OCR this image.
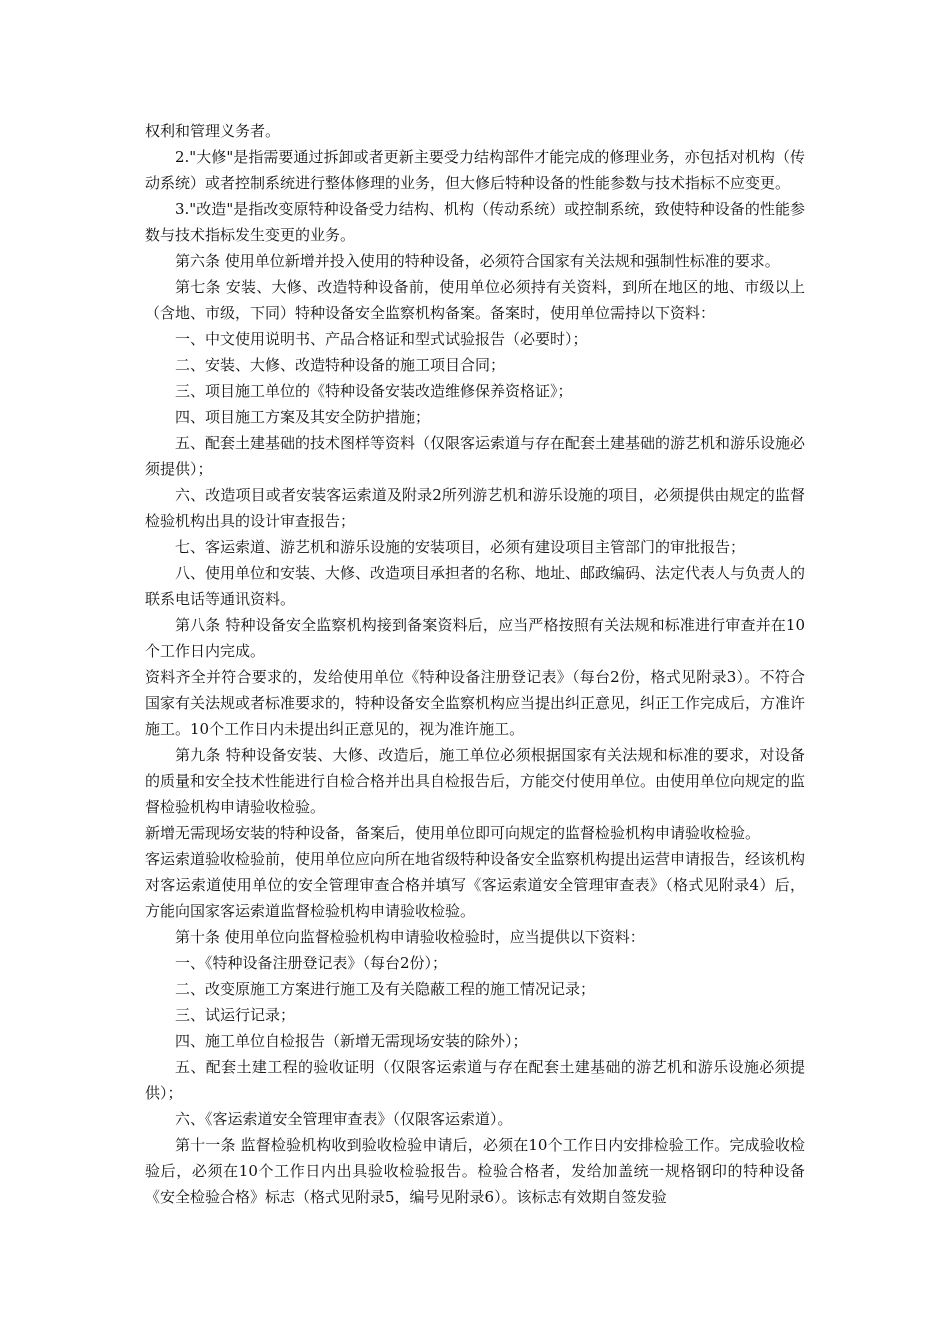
权利和管理义务者。

2."大修"是指需要通过拆卸或者更新主要受力结构部件才能完成的修理业务，亦包括对机构（传动系统）或者控制系统进行整体修理的业务，但大修后特种设备的性能参数与技术指标不应变更。

3."改造"是指改变原特种设备受力结构、机构（传动系统）或控制系统，致使特种设备的性能参数与技术指标发生变更的业务。

第六条 使用单位新增并投入使用的特种设备，必须符合国家有关法规和强制性标准的要求。

第七条 安装、大修、改造特种设备前，使用单位必须持有关资料，到所在地区的地、市级以上（含地、市级，下同）特种设备安全监察机构备案。备案时，使用单位需持以下资料：

一、中文使用说明书、产品合格证和型式试验报告（必要时）；

二、安装、大修、改造特种设备的施工项目合同；

三、项目施工单位的《特种设备安装改造维修保养资格证》；

四、项目施工方案及其安全防护措施；

五、配套土建基础的技术图样等资料（仅限客运索道与存在配套土建基础的游艺机和游乐设施必须提供）；

六、改造项目或者安装客运索道及附录2所列游艺机和游乐设施的项目，必须提供由规定的监督检验机构出具的设计审查报告；

七、客运索道、游艺机和游乐设施的安装项目，必须有建设项目主管部门的审批报告；

八、使用单位和安装、大修、改造项目承担者的名称、地址、邮政编码、法定代表人与负责人的联系电话等通讯资料。

第八条 特种设备安全监察机构接到备案资料后，应当严格按照有关法规和标准进行审查并在10个工作日内完成。

资料齐全并符合要求的，发给使用单位《特种设备注册登记表》（每台2份，格式见附录3）。不符合国家有关法规或者标准要求的，特种设备安全监察机构应当提出纠正意见，纠正工作完成后，方准许施工。10个工作日内未提出纠正意见的，视为准许施工。

第九条 特种设备安装、大修、改造后，施工单位必须根据国家有关法规和标准的要求，对设备的质量和安全技术性能进行自检合格并出具自检报告后，方能交付使用单位。由使用单位向规定的监督检验机构申请验收检验。

新增无需现场安装的特种设备，备案后，使用单位即可向规定的监督检验机构申请验收检验。

客运索道验收检验前，使用单位应向所在地省级特种设备安全监察机构提出运营申请报告，经该机构对客运索道使用单位的安全管理审查合格并填写《客运索道安全管理审查表》（格式见附录4）后，方能向国家客运索道监督检验机构申请验收检验。

第十条 使用单位向监督检验机构申请验收检验时，应当提供以下资料：

一、《特种设备注册登记表》（每台2份）；

二、改变原施工方案进行施工及有关隐蔽工程的施工情况记录；

三、试运行记录；

四、施工单位自检报告（新增无需现场安装的除外）；

五、配套土建工程的验收证明（仅限客运索道与存在配套土建基础的游艺机和游乐设施必须提供）；

六、《客运索道安全管理审查表》（仅限客运索道）。

第十一条 监督检验机构收到验收检验申请后，必须在10个工作日内安排检验工作。完成验收检验后，必须在10个工作日内出具验收检验报告。检验合格者，发给加盖统一规格钢印的特种设备《安全检验合格》标志（格式见附录5，编号见附录6）。该标志有效期自签发验
